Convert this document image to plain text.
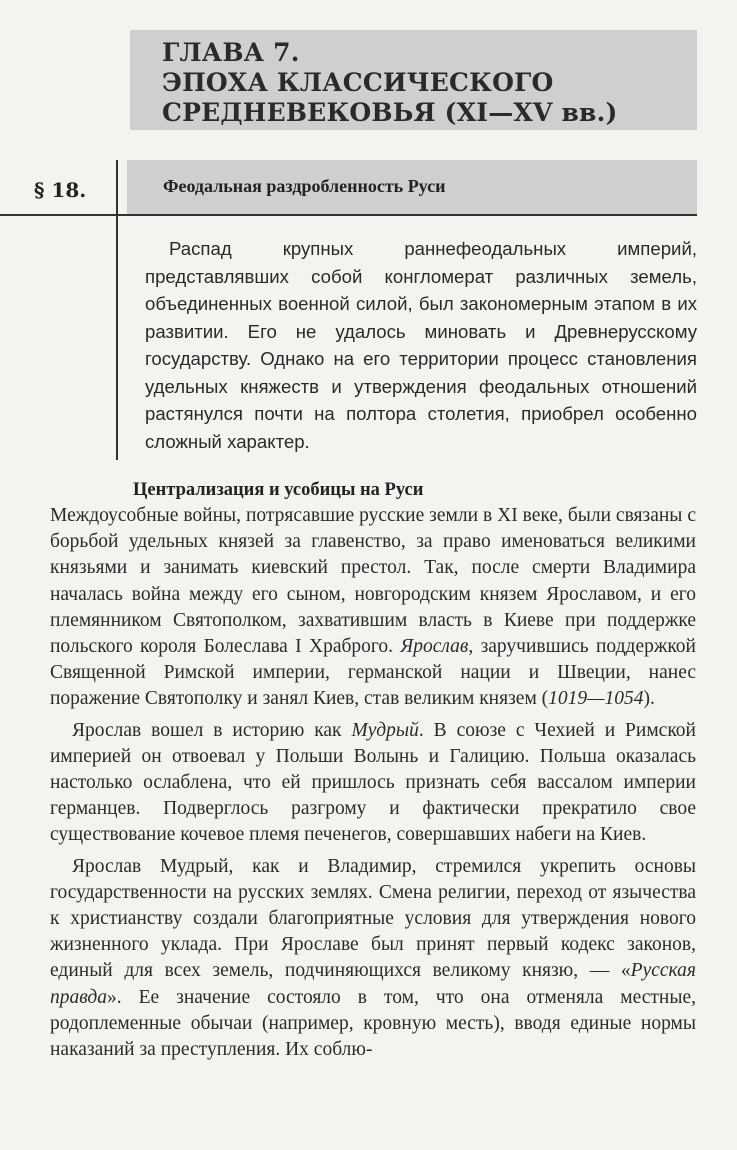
ГЛАВА 7.
ЭПОХА КЛАССИЧЕСКОГО
СРЕДНЕВЕКОВЬЯ (XI—XV вв.)
§ 18.	Феодальная раздробленность Руси
Распад крупных раннефеодальных империй, представлявших собой конгломерат различных земель, объединенных военной силой, был закономерным этапом в их развитии. Его не удалось миновать и Древнерусскому государству. Однако на его территории процесс становления удельных княжеств и утверждения феодальных отношений растянулся почти на полтора столетия, приобрел особенно сложный характер.
Централизация и усобицы на Руси

Междоусобные войны, потрясавшие русские земли в XI веке, были связаны с борьбой удельных князей за главенство, за право именоваться великими князьями и занимать киевский престол. Так, после смерти Владимира началась война между его сыном, новгородским князем Ярославом, и его племянником Святополком, захватившим власть в Киеве при поддержке польского короля Болеслава I Храброго. Ярослав, заручившись поддержкой Священной Римской империи, германской нации и Швеции, нанес поражение Святополку и занял Киев, став великим князем (1019—1054).

Ярослав вошел в историю как Мудрый. В союзе с Чехией и Римской империей он отвоевал у Польши Волынь и Галицию. Польша оказалась настолько ослаблена, что ей пришлось признать себя вассалом империи германцев. Подверглось разгрому и фактически прекратило свое существование кочевое племя печенегов, совершавших набеги на Киев.

Ярослав Мудрый, как и Владимир, стремился укрепить основы государственности на русских землях. Смена религии, переход от язычества к христианству создали благоприятные условия для утверждения нового жизненного уклада. При Ярославе был принят первый кодекс законов, единый для всех земель, подчиняющихся великому князю, — «Русская правда». Ее значение состояло в том, что она отменяла местные, родоплеменные обычаи (например, кровную месть), вводя единые нормы наказаний за преступления. Их соблю-
